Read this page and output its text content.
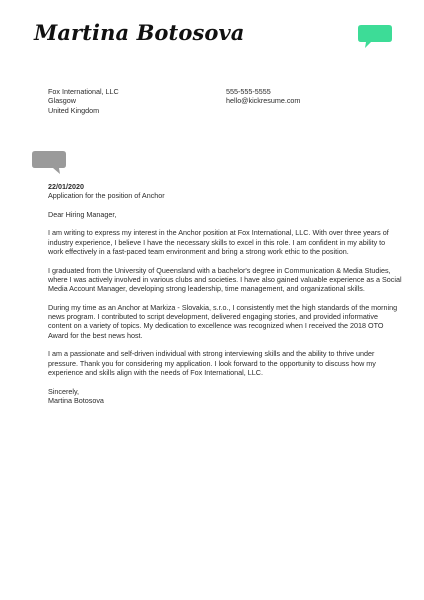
Martina Botosova
Fox International, LLC
Glasgow
United Kingdom
555-555-5555
hello@kickresume.com

22/01/2020

Application for the position of Anchor

Dear Hiring Manager,

I am writing to express my interest in the Anchor position at Fox International, LLC. With over three years of
industry experience, I believe I have the necessary skills to excel in this role. I am confident in my ability to
work effectively in a fast-paced team environment and bring a strong work ethic to the position.
I graduated from the University of Queensland with a bachelor's degree in Communication & Media Studies,
where I was actively involved in various clubs and societies. I have also gained valuable experience as a Social
Media Account Manager, developing strong leadership, time management, and organizational skills.
During my time as an Anchor at Markiza - Slovakia, s.r.o., I consistently met the high standards of the morning
news program. I contributed to script development, delivered engaging stories, and provided informative
content on a variety of topics. My dedication to excellence was recognized when I received the 2018 OTO
Award for the best news host.
I am a passionate and self-driven individual with strong interviewing skills and the ability to thrive under
pressure. Thank you for considering my application. I look forward to the opportunity to discuss how my
experience and skills align with the needs of Fox International, LLC.

Sincerely,

Martina Botosova
